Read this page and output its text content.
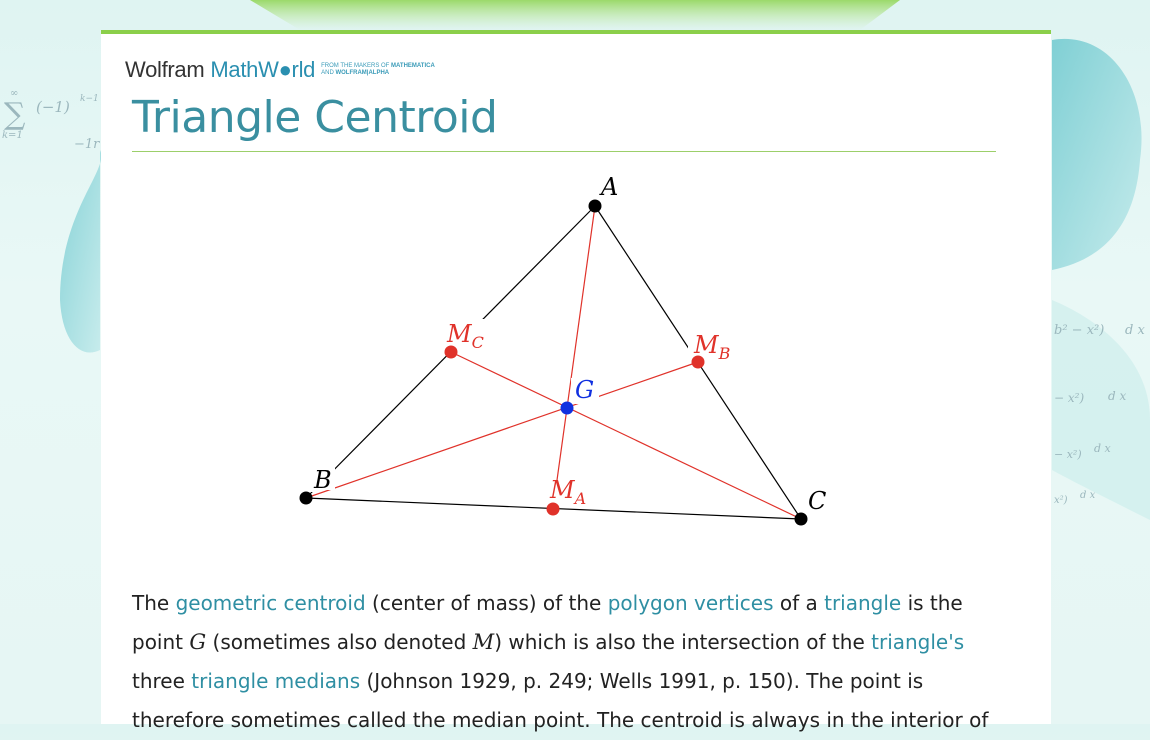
∞
∑ (−1) k−1
k=1
−1r
b² − x²) d x
− x²) d x
− x²) d x
x²) d x
Wolfram MathW●rld FROM THE MAKERS OF MATHEMATICA
AND WOLFRAM|ALPHA
Triangle Centroid
A
B
C
G
$M_C$	$M_B$
$M_A$

The geometric centroid (center of mass) of the polygon vertices of a triangle is the point G (sometimes also denoted M) which is also the intersection of the triangle's three triangle medians (Johnson 1929, p. 249; Wells 1991, p. 150). The point is therefore sometimes called the median point. The centroid is always in the interior of
